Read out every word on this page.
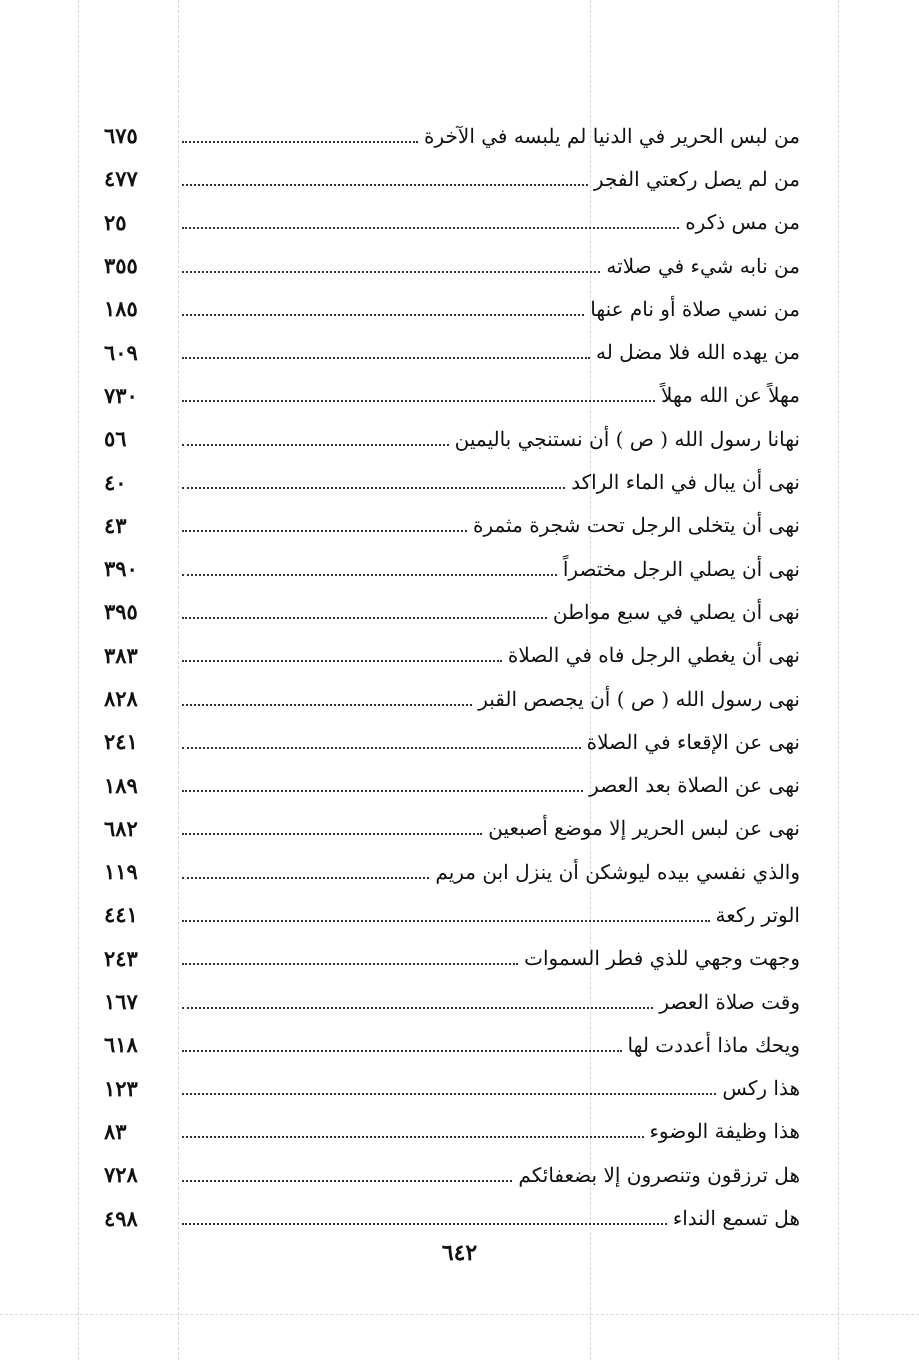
من لبس الحرير في الدنيا لم يلبسه في الآخرة
٦٧٥
من لم يصل ركعتي الفجر
٤٧٧
من مس ذكره
٢٥
من نابه شيء في صلاته
٣٥٥
من نسي صلاة أو نام عنها
١٨٥
من يهده الله فلا مضل له
٦٠٩
مهلاً عن الله مهلاً
٧٣٠
نهانا رسول الله ( ص ) أن نستنجي باليمين
٥٦
نهى أن يبال في الماء الراكد
٤٠
نهى أن يتخلى الرجل تحت شجرة مثمرة
٤٣
نهى أن يصلي الرجل مختصراً
٣٩٠
نهى أن يصلي في سبع مواطن
٣٩٥
نهى أن يغطي الرجل فاه في الصلاة
٣٨٣
نهى رسول الله ( ص ) أن يجصص القبر
٨٢٨
نهى عن الإقعاء في الصلاة
٢٤١
نهى عن الصلاة بعد العصر
١٨٩
نهى عن لبس الحرير إلا موضع أصبعين
٦٨٢
والذي نفسي بيده ليوشكن أن ينزل ابن مريم
١١٩
الوتر ركعة
٤٤١
وجهت وجهي للذي فطر السموات
٢٤٣
وقت صلاة العصر
١٦٧
ويحك ماذا أعددت لها
٦١٨
هذا ركس
١٢٣
هذا وظيفة الوضوء
٨٣
هل ترزقون وتنصرون إلا بضعفائكم
٧٢٨
هل تسمع النداء
٤٩٨
٦٤٢
